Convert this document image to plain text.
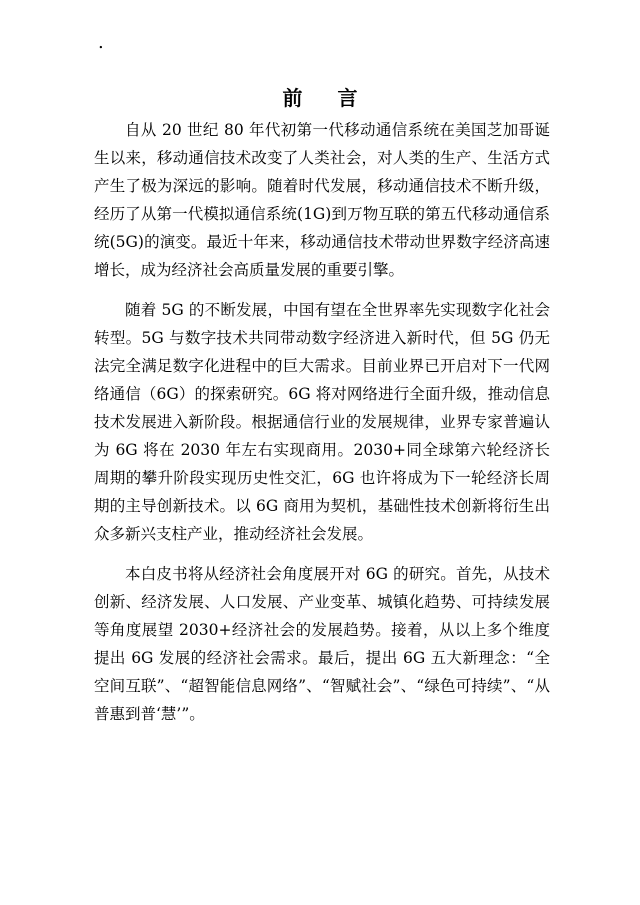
.
前 言

自从 20 世纪 80 年代初第一代移动通信系统在美国芝加哥诞生以来，移动通信技术改变了人类社会，对人类的生产、生活方式产生了极为深远的影响。随着时代发展，移动通信技术不断升级，经历了从第一代模拟通信系统(1G)到万物互联的第五代移动通信系统(5G)的演变。最近十年来，移动通信技术带动世界数字经济高速增长，成为经济社会高质量发展的重要引擎。

随着 5G 的不断发展，中国有望在全世界率先实现数字化社会转型。5G 与数字技术共同带动数字经济进入新时代，但 5G 仍无法完全满足数字化进程中的巨大需求。目前业界已开启对下一代网络通信（6G）的探索研究。6G 将对网络进行全面升级，推动信息技术发展进入新阶段。根据通信行业的发展规律，业界专家普遍认为 6G 将在 2030 年左右实现商用。2030+同全球第六轮经济长周期的攀升阶段实现历史性交汇，6G 也许将成为下一轮经济长周期的主导创新技术。以 6G 商用为契机，基础性技术创新将衍生出众多新兴支柱产业，推动经济社会发展。

本白皮书将从经济社会角度展开对 6G 的研究。首先，从技术创新、经济发展、人口发展、产业变革、城镇化趋势、可持续发展等角度展望 2030+经济社会的发展趋势。接着，从以上多个维度提出 6G 发展的经济社会需求。最后，提出 6G 五大新理念：“全空间互联”、“超智能信息网络”、“智赋社会”、“绿色可持续”、“从普惠到普‘慧’”。
